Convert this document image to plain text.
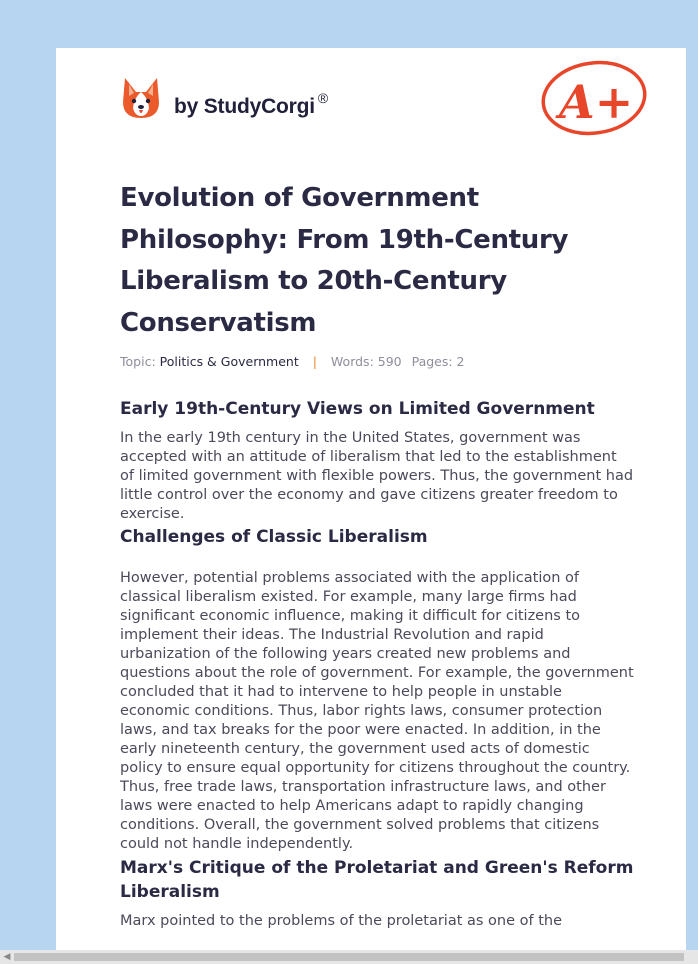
by StudyCorgi ®	A+
Evolution of Government Philosophy: From 19th-Century Liberalism to 20th-Century Conservatism
Topic: Politics & Government | Words: 590 Pages: 2
Early 19th-Century Views on Limited Government

In the early 19th century in the United States, government was accepted with an attitude of liberalism that led to the establishment of limited government with flexible powers. Thus, the government had little control over the economy and gave citizens greater freedom to exercise.

Challenges of Classic Liberalism

However, potential problems associated with the application of classical liberalism existed. For example, many large firms had significant economic influence, making it difficult for citizens to implement their ideas. The Industrial Revolution and rapid urbanization of the following years created new problems and questions about the role of government. For example, the government concluded that it had to intervene to help people in unstable economic conditions. Thus, labor rights laws, consumer protection laws, and tax breaks for the poor were enacted. In addition, in the early nineteenth century, the government used acts of domestic policy to ensure equal opportunity for citizens throughout the country. Thus, free trade laws, transportation infrastructure laws, and other laws were enacted to help Americans adapt to rapidly changing conditions. Overall, the government solved problems that citizens could not handle independently.

Marx's Critique of the Proletariat and Green's Reform Liberalism

Marx pointed to the problems of the proletariat as one of the

◀
